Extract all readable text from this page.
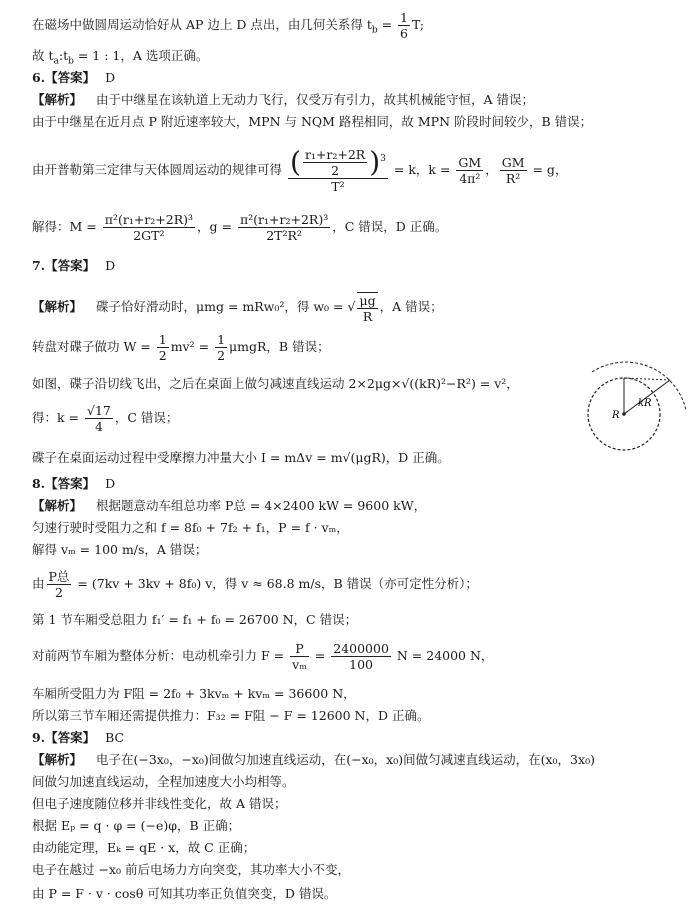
在磁场中做圆周运动恰好从 AP 边上 D 点出，由几何关系得 $t_b = \frac{1}{6} T$;
故 $t_a:t_b = 1$ : 1，A 选项正确。
6.【答案】 D
【解析】 由于中继星在该轨道上无动力飞行，仅受万有引力，故其机械能守恒，A 错误；
由于中继星在近月点 P 附近速率较大，MPN 与 NQM 路程相同，故 MPN 阶段时间较少，B 错误；
由开普勒第三定律与天体圆周运动的规律可得 $\frac{( \frac{\text{r₁+r₂+2R}}{2} )^3}{\text{T²}} = k$，$k = \frac{GM}{\text{4π²}}$ ， $\frac{GM}{\text{R²}} = g$，
解得：$M = \frac{\text{π²(r₁+r₂+2R)³}}{\text{2GT²}}$ ，$g = \frac{\text{π²(r₁+r₂+2R)³}}{\text{2T²R²}}$ ，C 错误，D 正确。
7.【答案】 D
【解析】 碟子恰好滑动时，μmg = mRw₀²，得 w₀ = √ $\frac{\mu g}{R}$ ，A 错误；
转盘对碟子做功 $W = \frac{1}{2} mv^2 = \frac{1}{2}$ μmgR，B 错误；
如图，碟子沿切线飞出，之后在桌面上做匀减速直线运动 2×2μg×√((kR)²−R²) = v²，
得：$k = \frac{√17}{4}$ ，C 错误；
碟子在桌面运动过程中受摩擦力冲量大小 I = mΔv = m√(μgR)，D 正确。
R
kR
8.【答案】 D
【解析】 根据题意动车组总功率 P总 = 4×2400 kW = 9600 kW，
匀速行驶时受阻力之和 f = 8f₀ + 7f₂ + f₁，P = f · vₘ，
解得 vₘ = 100 m/s，A 错误；
由 $\frac{\text{P总}}{2} = (7kv + 3kv + 8f_0)$ v，得 v ≈ 68.8 m/s，B 错误（亦可定性分析）；
第 1 节车厢受总阻力 f₁′ = f₁ + f₀ = 26700 N，C 错误；
对前两节车厢为整体分析：电动机牵引力 $F = \frac{P}{\text{vₘ}} = \frac{2400000}{100}$ N = 24000 N，
车厢所受阻力为 F阻 = 2f₀ + 3kvₘ + kvₘ = 36600 N，
所以第三节车厢还需提供推力：F₃₂ = F阻 − F = 12600 N，D 正确。
9.【答案】 BC
【解析】 电子在(−3x₀，−x₀)间做匀加速直线运动，在(−x₀，x₀)间做匀减速直线运动，在(x₀，3x₀)
间做匀加速直线运动，全程加速度大小均相等。
但电子速度随位移并非线性变化，故 A 错误；
根据 Eₚ = q · φ = (−e)φ，B 正确；
由动能定理，Eₖ = qE · x，故 C 正确；
电子在越过 −x₀ 前后电场力方向突变，其功率大小不变，
由 P = F · v · cosθ 可知其功率正负值突变，D 错误。
